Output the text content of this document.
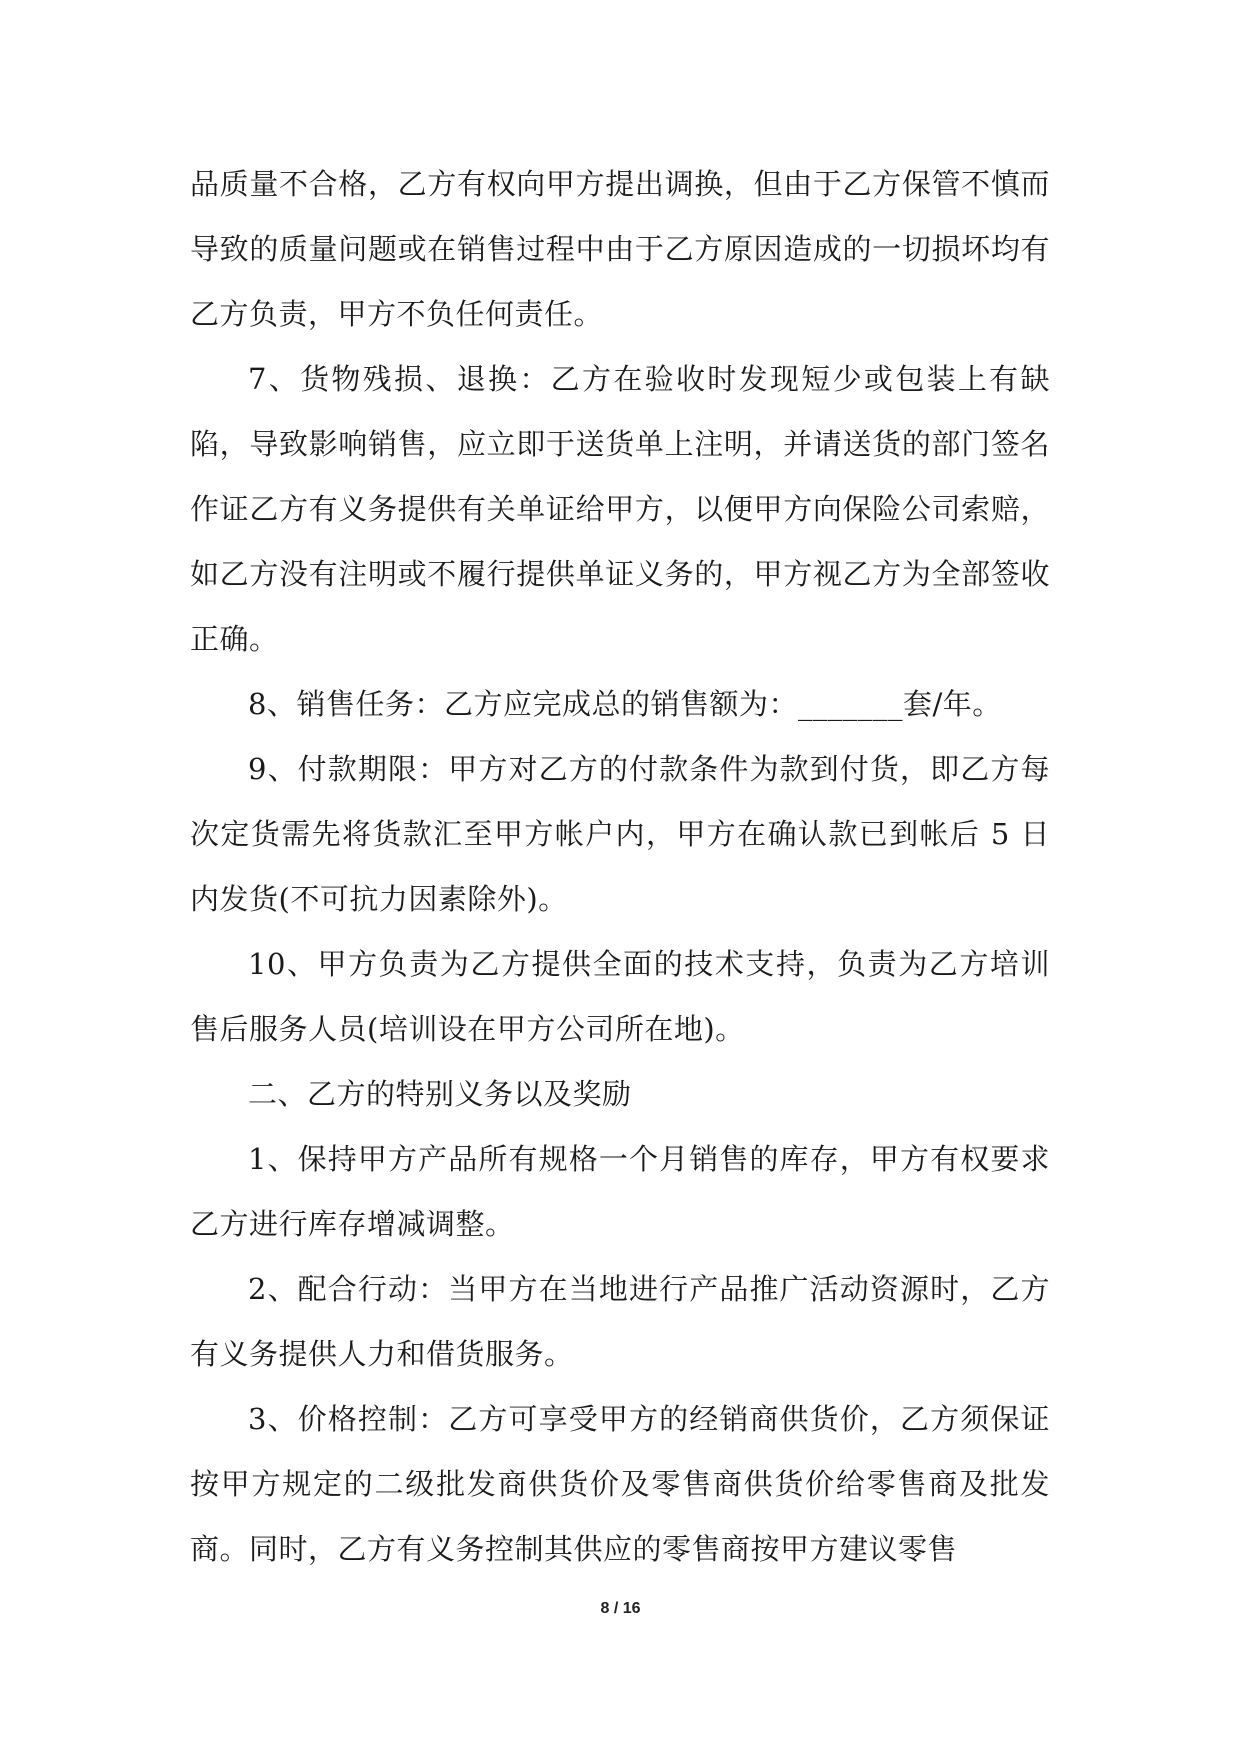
品质量不合格，乙方有权向甲方提出调换，但由于乙方保管不慎而导致的质量问题或在销售过程中由于乙方原因造成的一切损坏均有乙方负责，甲方不负任何责任。

7、货物残损、退换：乙方在验收时发现短少或包装上有缺陷，导致影响销售，应立即于送货单上注明，并请送货的部门签名作证乙方有义务提供有关单证给甲方，以便甲方向保险公司索赔，如乙方没有注明或不履行提供单证义务的，甲方视乙方为全部签收正确。

8、销售任务：乙方应完成总的销售额为：_______套/年。

9、付款期限：甲方对乙方的付款条件为款到付货，即乙方每次定货需先将货款汇至甲方帐户内，甲方在确认款已到帐后 5 日内发货(不可抗力因素除外)。

10、甲方负责为乙方提供全面的技术支持，负责为乙方培训售后服务人员(培训设在甲方公司所在地)。

二、乙方的特别义务以及奖励

1、保持甲方产品所有规格一个月销售的库存，甲方有权要求乙方进行库存增减调整。

2、配合行动：当甲方在当地进行产品推广活动资源时，乙方有义务提供人力和借货服务。

3、价格控制：乙方可享受甲方的经销商供货价，乙方须保证按甲方规定的二级批发商供货价及零售商供货价给零售商及批发商。同时，乙方有义务控制其供应的零售商按甲方建议零售

8 / 16
